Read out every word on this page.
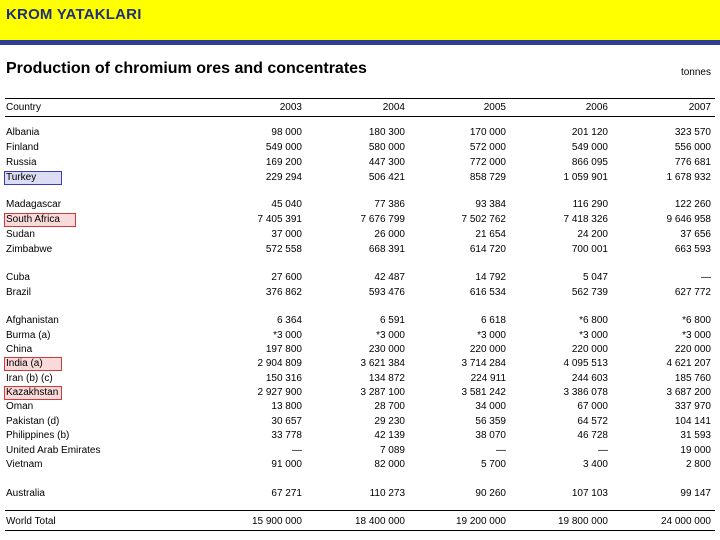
KROM YATAKLARI
Production of chromium ores and concentrates	tonnes
Country	2003	2004	2005	2006	2007
Albania	98 000	180 300	170 000	201 120	323 570
Finland	549 000	580 000	572 000	549 000	556 000
Russia	169 200	447 300	772 000	866 095	776 681
Turkey	229 294	506 421	858 729	1 059 901	1 678 932
Madagascar	45 040	77 386	93 384	116 290	122 260
South Africa	7 405 391	7 676 799	7 502 762	7 418 326	9 646 958
Sudan	37 000	26 000	21 654	24 200	37 656
Zimbabwe	572 558	668 391	614 720	700 001	663 593
Cuba	27 600	42 487	14 792	5 047	—
Brazil	376 862	593 476	616 534	562 739	627 772
Afghanistan	6 364	6 591	6 618	*6 800	*6 800
Burma (a)	*3 000	*3 000	*3 000	*3 000	*3 000
China	197 800	230 000	220 000	220 000	220 000
India (a)	2 904 809	3 621 384	3 714 284	4 095 513	4 621 207
Iran (b) (c)	150 316	134 872	224 911	244 603	185 760
Kazakhstan	2 927 900	3 287 100	3 581 242	3 386 078	3 687 200
Oman	13 800	28 700	34 000	67 000	337 970
Pakistan (d)	30 657	29 230	56 359	64 572	104 141
Philippines (b)	33 778	42 139	38 070	46 728	31 593
United Arab Emirates	—	7 089	—	—	19 000
Vietnam	91 000	82 000	5 700	3 400	2 800
Australia	67 271	110 273	90 260	107 103	99 147
World Total	15 900 000	18 400 000	19 200 000	19 800 000	24 000 000
